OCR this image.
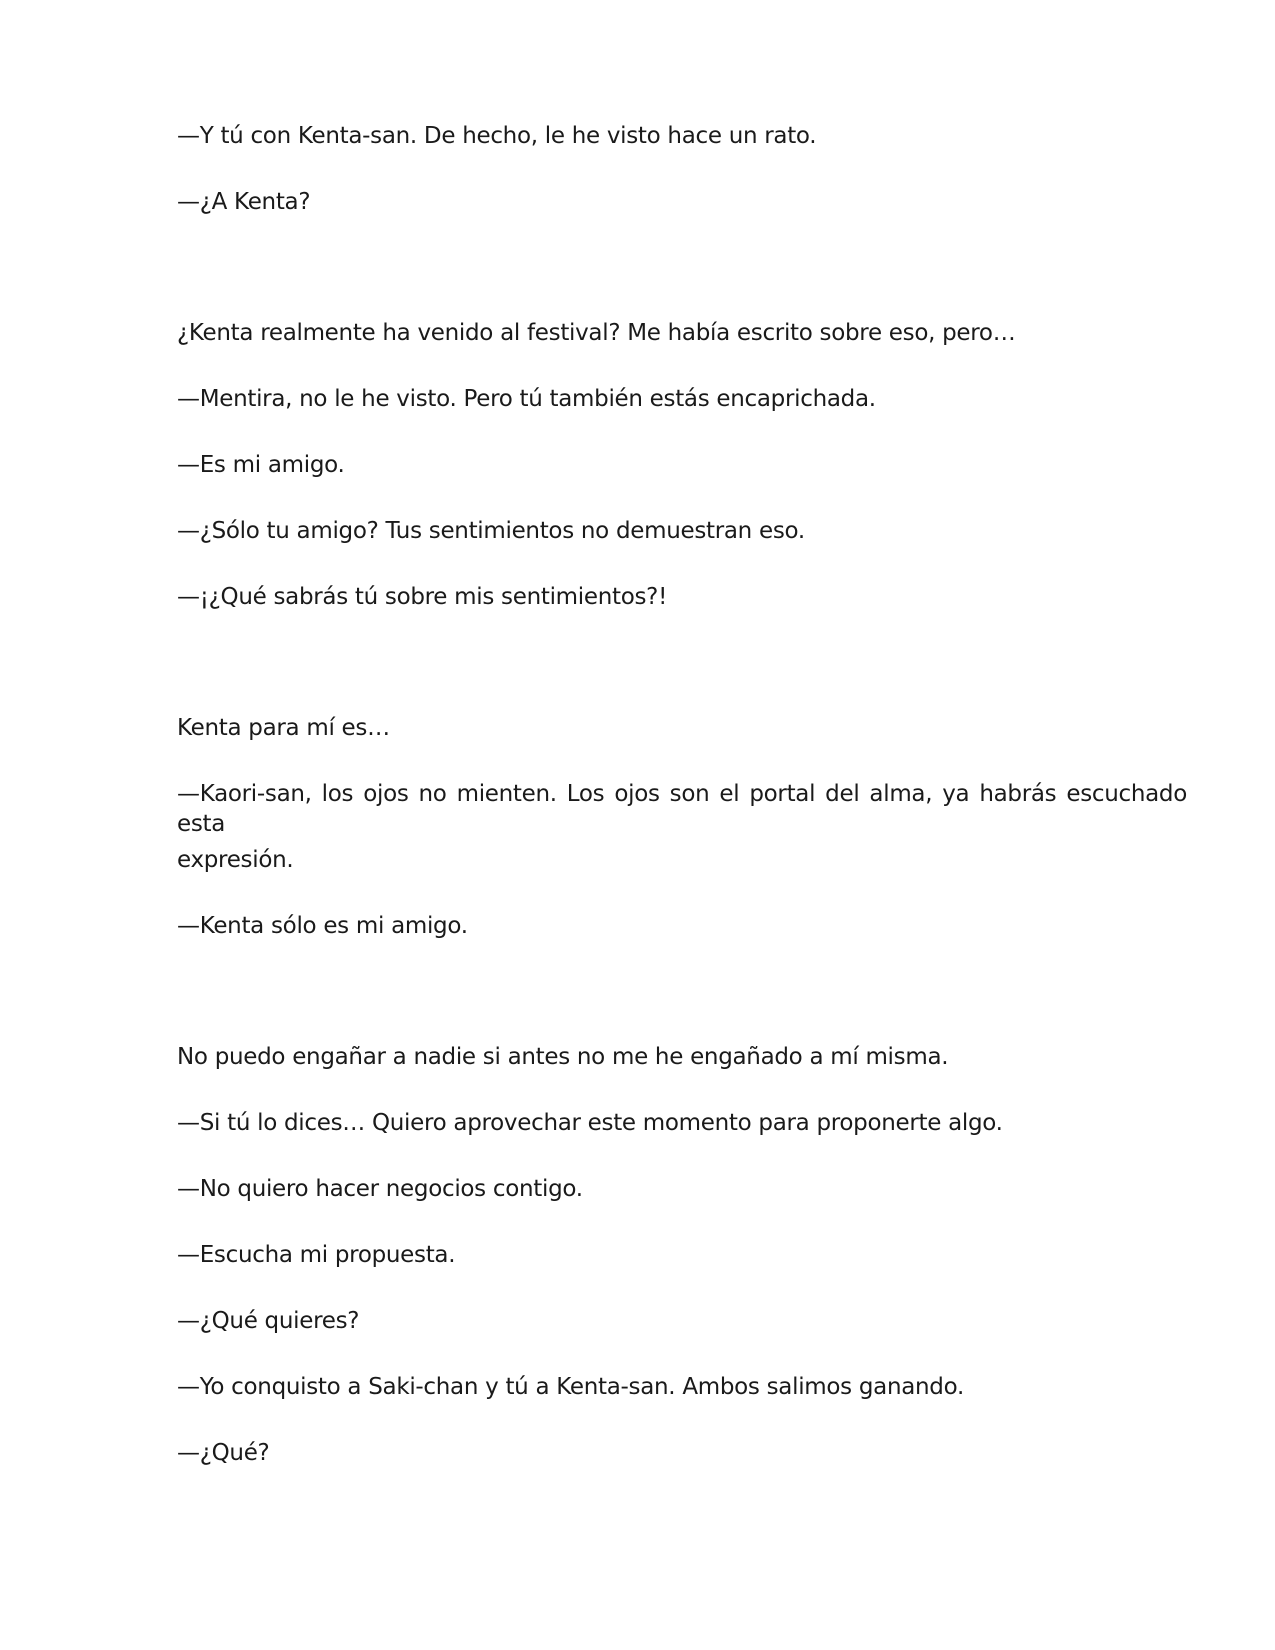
—Y tú con Kenta-san. De hecho, le he visto hace un rato.

—¿A Kenta?

¿Kenta realmente ha venido al festival? Me había escrito sobre eso, pero…

—Mentira, no le he visto. Pero tú también estás encaprichada.

—Es mi amigo.

—¿Sólo tu amigo? Tus sentimientos no demuestran eso.

—¡¿Qué sabrás tú sobre mis sentimientos?!

Kenta para mí es…

—Kaori-san, los ojos no mienten. Los ojos son el portal del alma, ya habrás escuchado esta

expresión.

—Kenta sólo es mi amigo.

No puedo engañar a nadie si antes no me he engañado a mí misma.

—Si tú lo dices… Quiero aprovechar este momento para proponerte algo.

—No quiero hacer negocios contigo.

—Escucha mi propuesta.

—¿Qué quieres?

—Yo conquisto a Saki-chan y tú a Kenta-san. Ambos salimos ganando.

—¿Qué?
